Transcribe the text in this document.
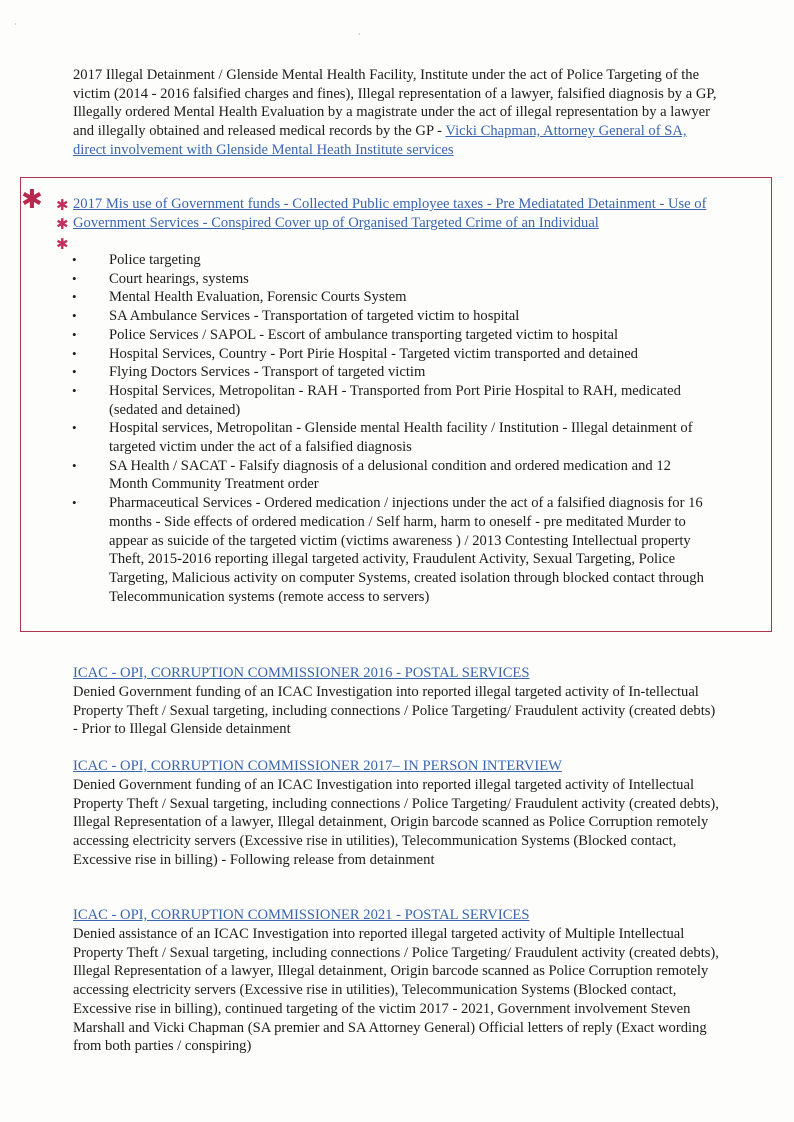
·
·
2017 Illegal Detainment / Glenside Mental Health Facility, Institute under the act of Police Targeting of the victim (2014 - 2016 falsified charges and fines), Illegal representation of a lawyer, falsified diagnosis by a GP, Illegally ordered Mental Health Evaluation by a magistrate under the act of illegal representation by a lawyer and illegally obtained and released medical records by the GP - Vicki Chapman, Attorney General of SA, direct involvement with Glenside Mental Heath Institute services
✱ ✱
✱
✱
2017 Mis use of Government funds - Collected Public employee taxes - Pre Mediatated Detainment - Use of Government Services - Conspired Cover up of Organised Targeted Crime of an Individual
• Police targeting
• Court hearings, systems
• Mental Health Evaluation, Forensic Courts System
• SA Ambulance Services - Transportation of targeted victim to hospital
• Police Services / SAPOL - Escort of ambulance transporting targeted victim to hospital
• Hospital Services, Country - Port Pirie Hospital - Targeted victim transported and detained
• Flying Doctors Services - Transport of targeted victim
• Hospital Services, Metropolitan - RAH - Transported from Port Pirie Hospital to RAH, medicated (sedated and detained)
• Hospital services, Metropolitan - Glenside mental Health facility / Institution - Illegal detainment of targeted victim under the act of a falsified diagnosis
• SA Health / SACAT - Falsify diagnosis of a delusional condition and ordered medication and 12 Month Community Treatment order
• Pharmaceutical Services - Ordered medication / injections under the act of a falsified diagnosis for 16 months - Side effects of ordered medication / Self harm, harm to oneself - pre meditated Murder to appear as suicide of the targeted victim (victims awareness ) / 2013 Contesting Intellectual property Theft, 2015-2016 reporting illegal targeted activity, Fraudulent Activity, Sexual Targeting, Police Targeting, Malicious activity on computer Systems, created isolation through blocked contact through Telecommunication systems (remote access to servers)
ICAC - OPI, CORRUPTION COMMISSIONER 2016 - POSTAL SERVICES
Denied Government funding of an ICAC Investigation into reported illegal targeted activity of In-tellectual Property Theft / Sexual targeting, including connections / Police Targeting/ Fraudulent activity (created debts) - Prior to Illegal Glenside detainment
ICAC - OPI, CORRUPTION COMMISSIONER 2017– IN PERSON INTERVIEW
Denied Government funding of an ICAC Investigation into reported illegal targeted activity of Intellectual Property Theft / Sexual targeting, including connections / Police Targeting/ Fraudulent activity (created debts), Illegal Representation of a lawyer, Illegal detainment, Origin barcode scanned as Police Corruption remotely accessing electricity servers (Excessive rise in utilities), Telecommunication Systems (Blocked contact, Excessive rise in billing) - Following release from detainment
ICAC - OPI, CORRUPTION COMMISSIONER 2021 - POSTAL SERVICES
Denied assistance of an ICAC Investigation into reported illegal targeted activity of Multiple Intellectual Property Theft / Sexual targeting, including connections / Police Targeting/ Fraudulent activity (created debts), Illegal Representation of a lawyer, Illegal detainment, Origin barcode scanned as Police Corruption remotely accessing electricity servers (Excessive rise in utilities), Telecommunication Systems (Blocked contact, Excessive rise in billing), continued targeting of the victim 2017 - 2021, Government involvement Steven Marshall and Vicki Chapman (SA premier and SA Attorney General) Official letters of reply (Exact wording from both parties / conspiring)
